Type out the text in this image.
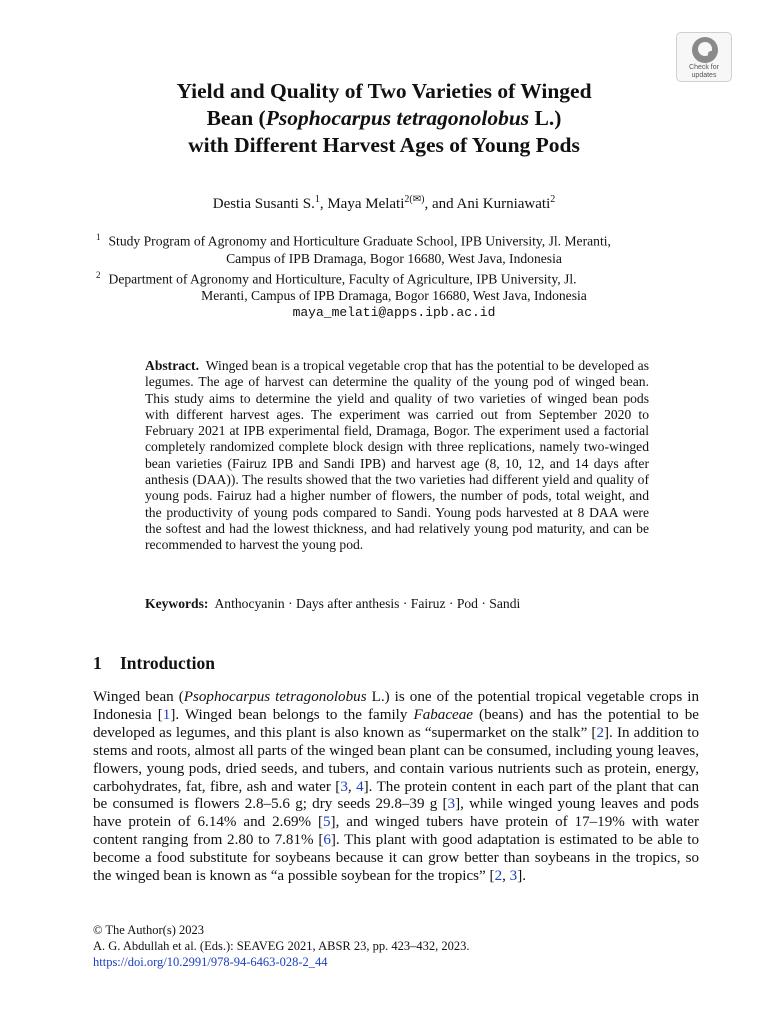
Check for
updates
Yield and Quality of Two Varieties of Winged
Bean (Psophocarpus tetragonolobus L.)
with Different Harvest Ages of Young Pods
Destia Susanti S.$^1$, Maya Melati$^{2(✉)}$, and Ani Kurniawati$^2$
$^1$ Study Program of Agronomy and Horticulture Graduate School, IPB University, Jl. Meranti,
Campus of IPB Dramaga, Bogor 16680, West Java, Indonesia
$^2$ Department of Agronomy and Horticulture, Faculty of Agriculture, IPB University, Jl.
Meranti, Campus of IPB Dramaga, Bogor 16680, West Java, Indonesia
maya_melati@apps.ipb.ac.id
Abstract. Winged bean is a tropical vegetable crop that has the potential to be developed as legumes. The age of harvest can determine the quality of the young pod of winged bean. This study aims to determine the yield and quality of two varieties of winged bean pods with different harvest ages. The experiment was carried out from September 2020 to February 2021 at IPB experimental field, Dramaga, Bogor. The experiment used a factorial completely randomized complete block design with three replications, namely two-winged bean varieties (Fairuz IPB and Sandi IPB) and harvest age (8, 10, 12, and 14 days after anthesis (DAA)). The results showed that the two varieties had different yield and quality of young pods. Fairuz had a higher number of flowers, the number of pods, total weight, and the productivity of young pods compared to Sandi. Young pods harvested at 8 DAA were the softest and had the lowest thickness, and had relatively young pod maturity, and can be recommended to harvest the young pod.
Keywords: Anthocyanin · Days after anthesis · Fairuz · Pod · Sandi
1 Introduction
Winged bean (Psophocarpus tetragonolobus L.) is one of the potential tropical vegetable crops in Indonesia [1]. Winged bean belongs to the family Fabaceae (beans) and has the potential to be developed as legumes, and this plant is also known as “supermarket on the stalk” [2]. In addition to stems and roots, almost all parts of the winged bean plant can be consumed, including young leaves, flowers, young pods, dried seeds, and tubers, and contain various nutrients such as protein, energy, carbohydrates, fat, fibre, ash and water [3, 4]. The protein content in each part of the plant that can be consumed is flowers 2.8–5.6 g; dry seeds 29.8–39 g [3], while winged young leaves and pods have protein of 6.14% and 2.69% [5], and winged tubers have protein of 17–19% with water content ranging from 2.80 to 7.81% [6]. This plant with good adaptation is estimated to be able to become a food substitute for soybeans because it can grow better than soybeans in the tropics, so the winged bean is known as “a possible soybean for the tropics” [2, 3].
© The Author(s) 2023
A. G. Abdullah et al. (Eds.): SEAVEG 2021, ABSR 23, pp. 423–432, 2023.
https://doi.org/10.2991/978-94-6463-028-2_44
